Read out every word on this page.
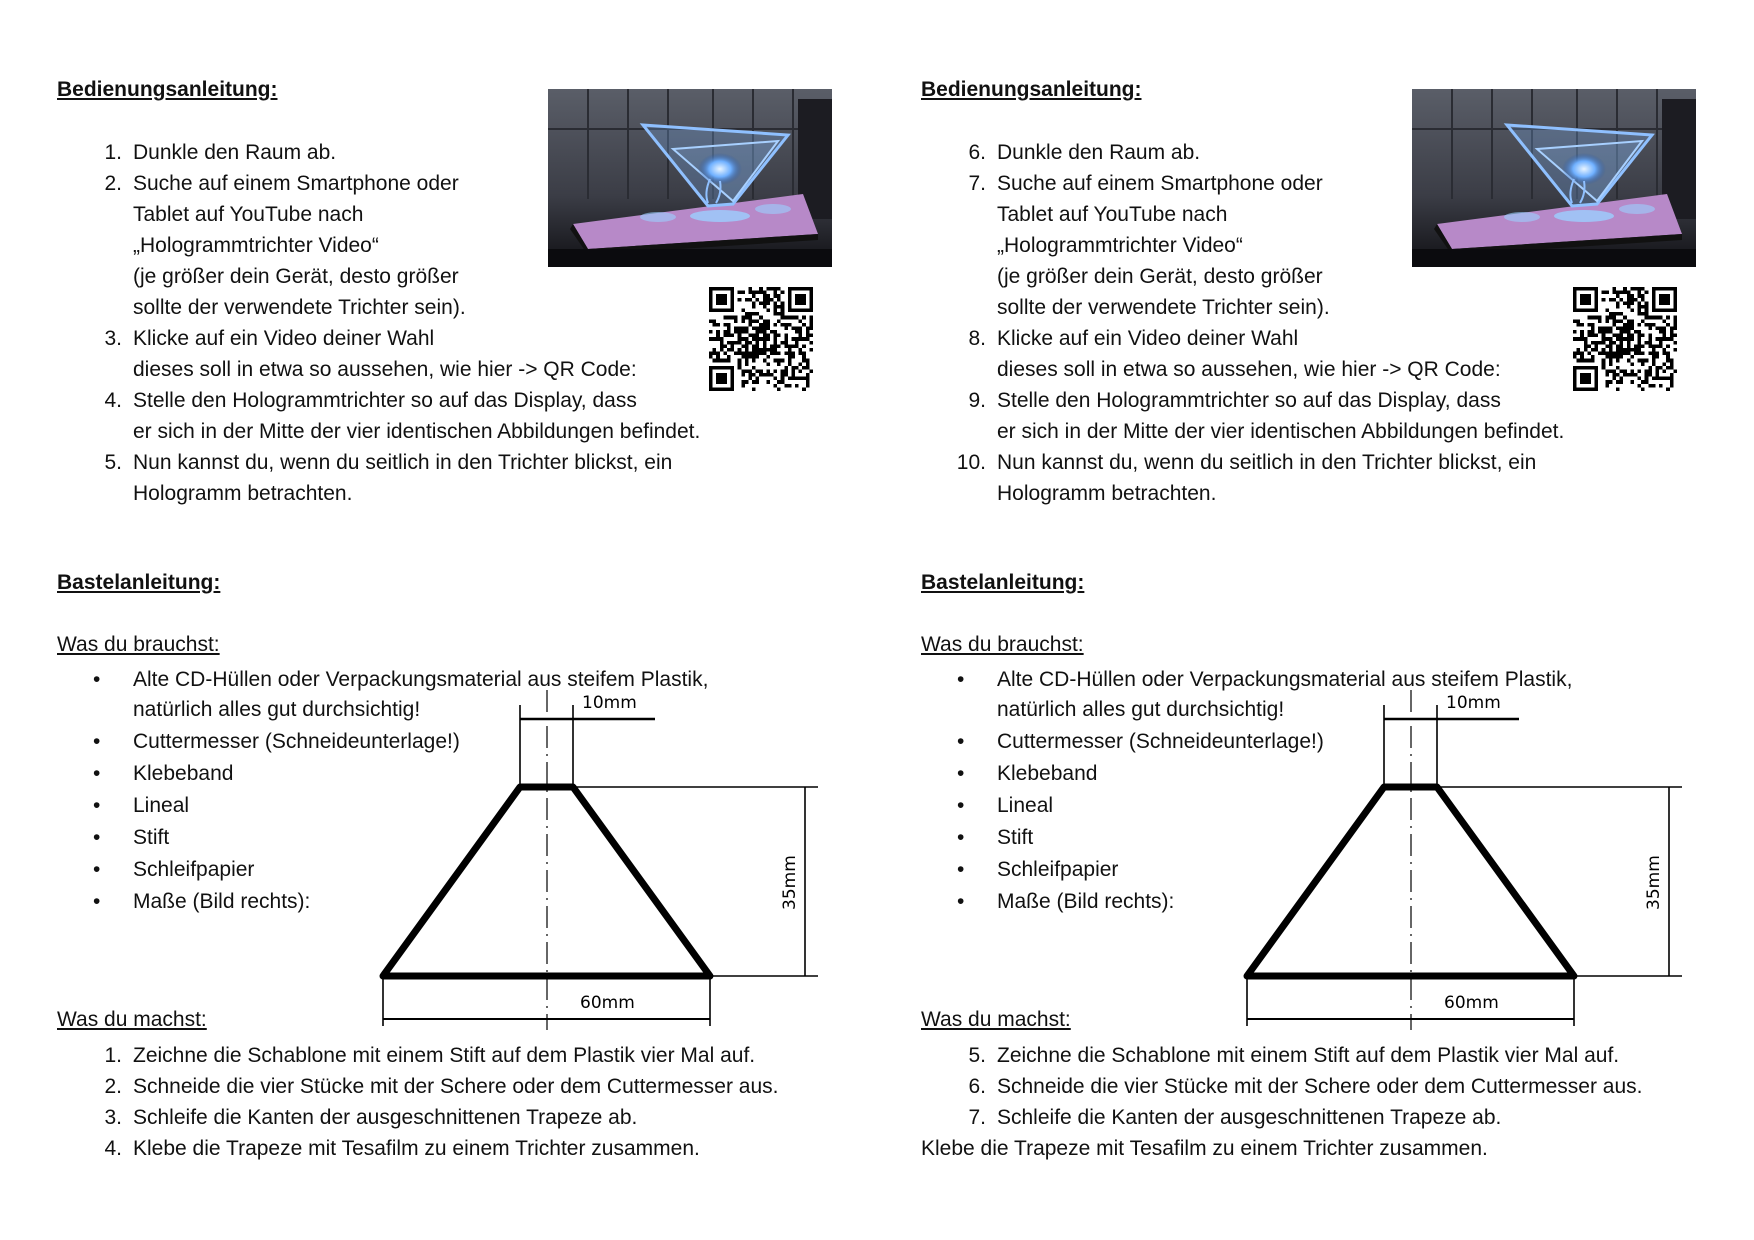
Bedienungsanleitung:
1. Dunkle den Raum ab.
2. Suche auf einem Smartphone oder
Tablet auf YouTube nach
„Hologrammtrichter Video“
(je größer dein Gerät, desto größer
sollte der verwendete Trichter sein).
3. Klicke auf ein Video deiner Wahl
dieses soll in etwa so aussehen, wie hier -> QR Code:
4. Stelle den Hologrammtrichter so auf das Display, dass
er sich in der Mitte der vier identischen Abbildungen befindet.
5. Nun kannst du, wenn du seitlich in den Trichter blickst, ein
Hologramm betrachten.
Bastelanleitung:
Was du brauchst:
• Alte CD-Hüllen oder Verpackungsmaterial aus steifem Plastik,
natürlich alles gut durchsichtig!
• Cuttermesser (Schneideunterlage!)
• Klebeband
• Lineal
• Stift
• Schleifpapier
• Maße (Bild rechts):
10mm
35mm
60mm
Was du machst:
1. Zeichne die Schablone mit einem Stift auf dem Plastik vier Mal auf.
2. Schneide die vier Stücke mit der Schere oder dem Cuttermesser aus.
3. Schleife die Kanten der ausgeschnittenen Trapeze ab.
4. Klebe die Trapeze mit Tesafilm zu einem Trichter zusammen.
Bedienungsanleitung:
6. Dunkle den Raum ab.
7. Suche auf einem Smartphone oder
Tablet auf YouTube nach
„Hologrammtrichter Video“
(je größer dein Gerät, desto größer
sollte der verwendete Trichter sein).
8. Klicke auf ein Video deiner Wahl
dieses soll in etwa so aussehen, wie hier -> QR Code:
9. Stelle den Hologrammtrichter so auf das Display, dass
er sich in der Mitte der vier identischen Abbildungen befindet.
10. Nun kannst du, wenn du seitlich in den Trichter blickst, ein
Hologramm betrachten.
Bastelanleitung:
Was du brauchst:
• Alte CD-Hüllen oder Verpackungsmaterial aus steifem Plastik,
natürlich alles gut durchsichtig!
• Cuttermesser (Schneideunterlage!)
• Klebeband
• Lineal
• Stift
• Schleifpapier
• Maße (Bild rechts):
10mm
35mm
60mm
Was du machst:
5. Zeichne die Schablone mit einem Stift auf dem Plastik vier Mal auf.
6. Schneide die vier Stücke mit der Schere oder dem Cuttermesser aus.
7. Schleife die Kanten der ausgeschnittenen Trapeze ab.
Klebe die Trapeze mit Tesafilm zu einem Trichter zusammen.
